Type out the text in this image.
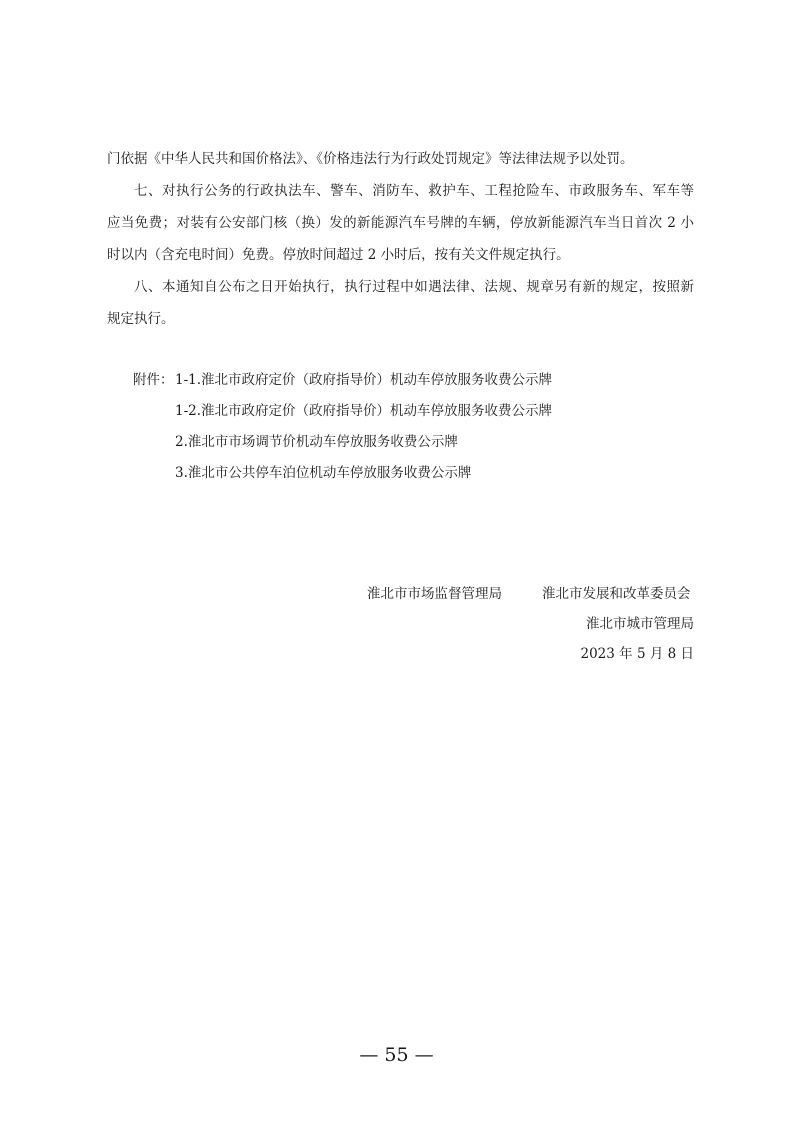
门依据《中华人民共和国价格法》、《价格违法行为行政处罚规定》等法律法规予以处罚。
七、对执行公务的行政执法车、警车、消防车、救护车、工程抢险车、市政服务车、军车等
应当免费；对装有公安部门核（换）发的新能源汽车号牌的车辆，停放新能源汽车当日首次 2 小
时以内（含充电时间）免费。停放时间超过 2 小时后，按有关文件规定执行。
八、本通知自公布之日开始执行，执行过程中如遇法律、法规、规章另有新的规定，按照新
规定执行。
附件： 1-1.淮北市政府定价（政府指导价）机动车停放服务收费公示牌
1-2.淮北市政府定价（政府指导价）机动车停放服务收费公示牌
2.淮北市市场调节价机动车停放服务收费公示牌
3.淮北市公共停车泊位机动车停放服务收费公示牌
淮北市市场监督管理局	淮北市发展和改革委员会
淮北市城市管理局
2023 年 5 月 8 日
— 55 —
